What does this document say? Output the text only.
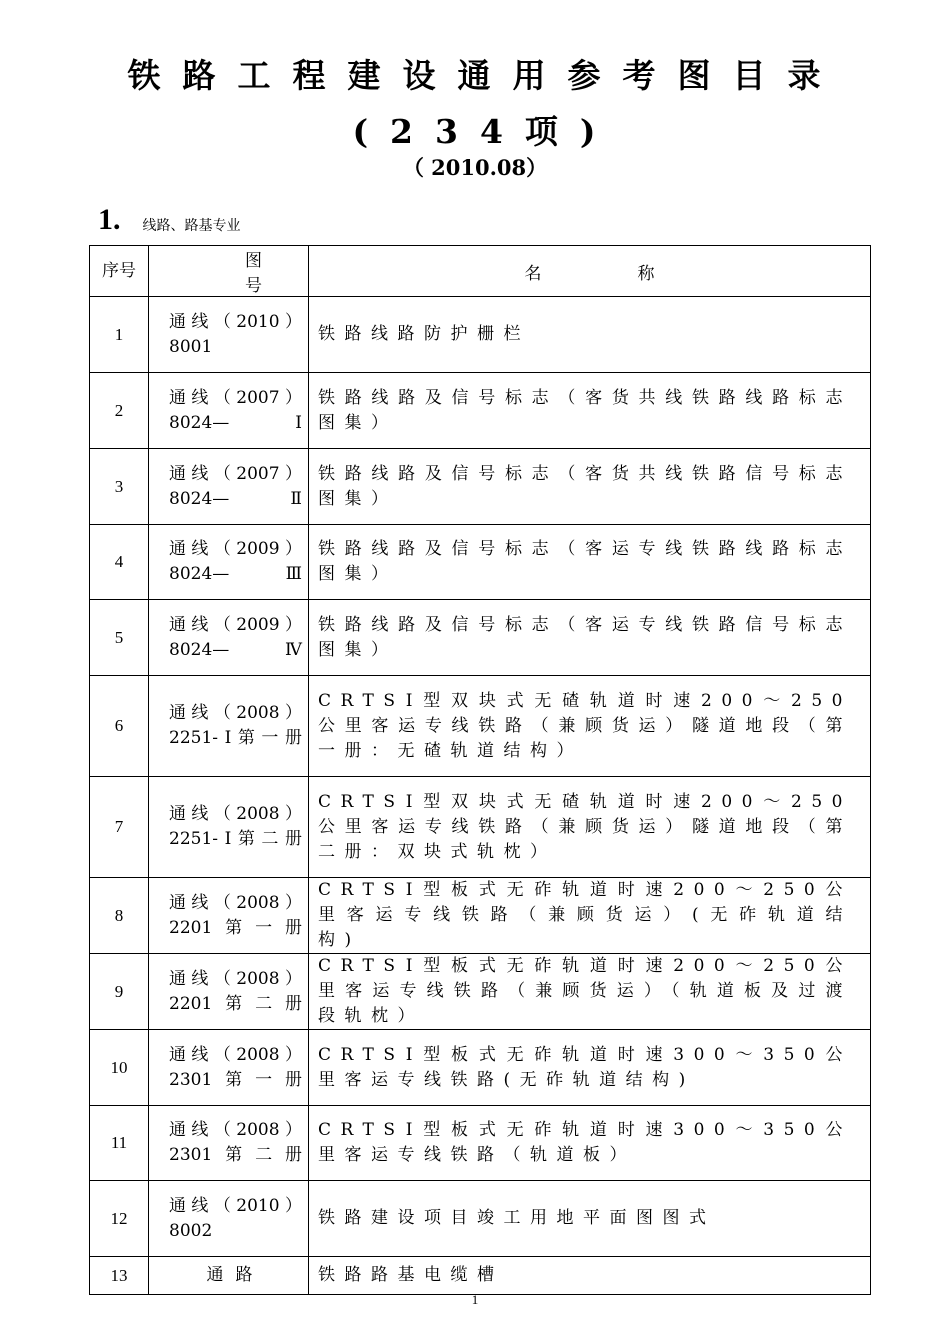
铁路工程建设通用参考图目录(234项)
（ 2010.08）
1. 线路、路基专业
序号	图号	名称
1	通线（2010）8001	铁路线路防护栅栏
2	通线（2007）8024—Ⅰ	铁路线路及信号标志（客货共线铁路线路标志图集）
3	通线（2007）8024—Ⅱ	铁路线路及信号标志（客货共线铁路信号标志图集）
4	通线（2009）8024—Ⅲ	铁路线路及信号标志（客运专线铁路线路标志图集）
5	通线（2009）8024—Ⅳ	铁路线路及信号标志（客运专线铁路信号标志图集）
6	通线（2008）2251-Ⅰ第一册	CRTSⅠ型双块式无碴轨道时速200～250公里客运专线铁路（兼顾货运）隧道地段（第一册：无碴轨道结构）
7	通线（2008）2251-Ⅰ第二册	CRTSⅠ型双块式无碴轨道时速200～250公里客运专线铁路（兼顾货运）隧道地段（第二册：双块式轨枕）
8	通线（2008）2201第一册	CRTSⅠ型板式无砟轨道时速200～250公里客运专线铁路（兼顾货运）(无砟轨道结构)
9	通线（2008）2201第二册	CRTSⅠ型板式无砟轨道时速200～250公里客运专线铁路（兼顾货运）（轨道板及过渡段轨枕）
10	通线（2008）2301第一册	CRTSⅠ型板式无砟轨道时速300～350公里客运专线铁路(无砟轨道结构)
11	通线（2008）2301第二册	CRTSⅠ型板式无砟轨道时速300～350公里客运专线铁路（轨道板）
12	通线（2010）8002	铁路建设项目竣工用地平面图图式
13	通路	铁路路基电缆槽
1
